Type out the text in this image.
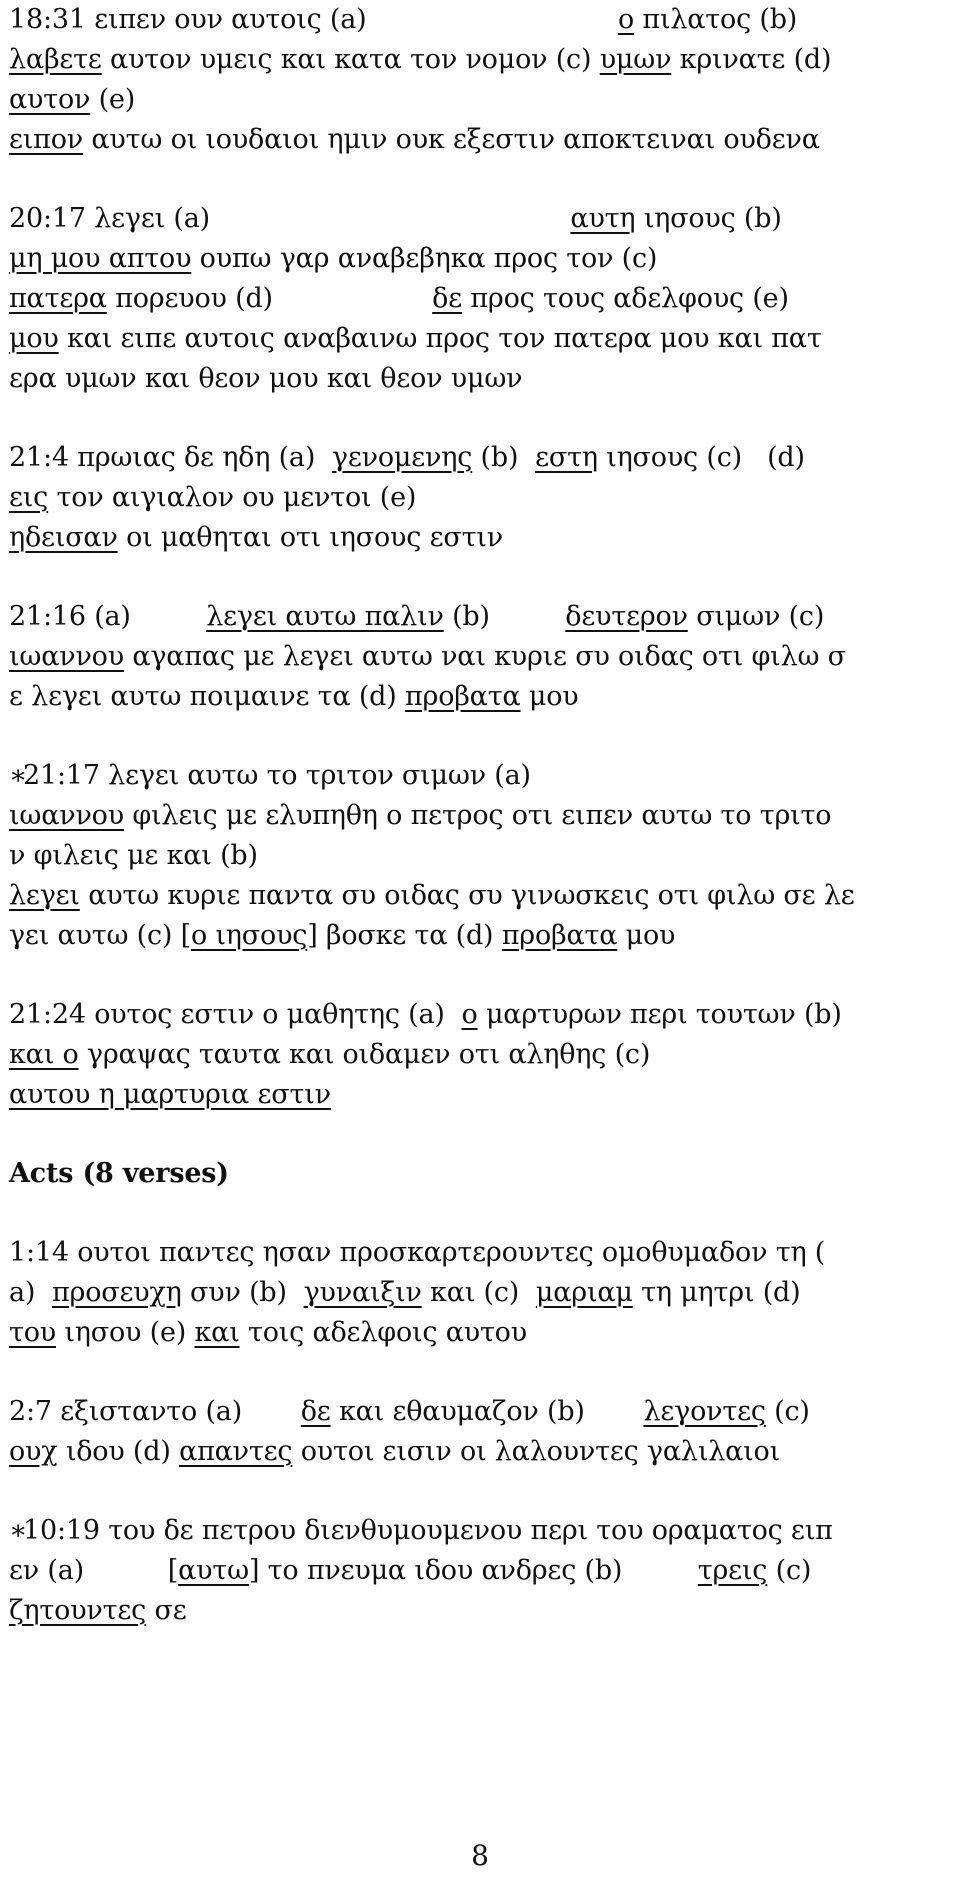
18:31 ειπεν ουν αυτοις (a)	ο πιλατος (b)
λαβετε αυτον υμεις και κατα τον νομον (c) υμων κρινατε (d)
αυτον (e)
ειπον αυτω οι ιουδαιοι ημιν ουκ εξεστιν αποκτειναι ουδενα
20:17 λεγει (a)	αυτη ιησους (b)
μη μου απτου ουπω γαρ αναβεβηκα προς τον (c)
πατερα πορευου (d)	δε προς τους αδελφους (e)
μου και ειπε αυτοις αναβαινω προς τον πατερα μου και πατ
ερα υμων και θεον μου και θεον υμων
21:4 πρωιας δε ηδη (a)  γενομενης (b)  εστη ιησους (c)   (d)
εις τον αιγιαλον ου μεντοι (e)
ηδεισαν οι μαθηται οτι ιησους εστιν
21:16 (a)	λεγει αυτω παλιν (b)	δευτερον σιμων (c)
ιωαννου αγαπας με λεγει αυτω ναι κυριε συ οιδας οτι φιλω σ
ε λεγει αυτω ποιμαινε τα (d) προβατα μου
∗21:17 λεγει αυτω το τριτον σιμων (a)
ιωαννου φιλεις με ελυπηθη ο πετρος οτι ειπεν αυτω το τριτο
ν φιλεις με και (b)
λεγει αυτω κυριε παντα συ οιδας συ γινωσκεις οτι φιλω σε λε
γει αυτω (c) [ο ιησους] βοσκε τα (d) προβατα μου
21:24 ουτος εστιν ο μαθητης (a)  ο μαρτυρων περι τουτων (b)
και ο γραψας ταυτα και οιδαμεν οτι αληθης (c)
αυτου η μαρτυρια εστιν
Acts (8 verses)
1:14 ουτοι παντες ησαν προσκαρτερουντες ομοθυμαδον τη (
a)  προσευχη συν (b)  γυναιξιν και (c)  μαριαμ τη μητρι (d)
του ιησου (e) και τοις αδελφοις αυτου
2:7 εξισταντο (a) δε και εθαυμαζον (b) λεγοντες (c)
ουχ ιδου (d) απαντες ουτοι εισιν οι λαλουντες γαλιλαιοι
∗10:19 του δε πετρου διενθυμουμενου περι του οραματος ειπ
εν (a)	[αυτω] το πνευμα ιδου ανδρες (b)	τρεις (c)
ζητουντες σε
8
